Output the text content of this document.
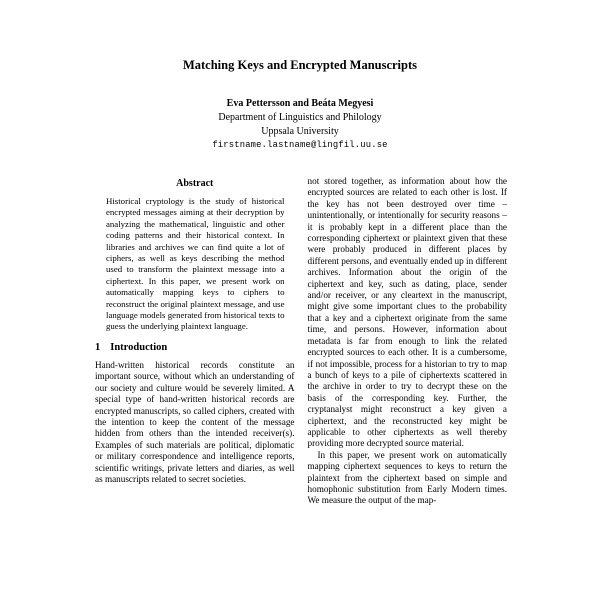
Matching Keys and Encrypted Manuscripts
Eva Pettersson and Beáta Megyesi
Department of Linguistics and Philology
Uppsala University
firstname.lastname@lingfil.uu.se
Abstract

Historical cryptology is the study of historical encrypted messages aiming at their decryption by analyzing the mathematical, linguistic and other coding patterns and their historical context. In libraries and archives we can find quite a lot of ciphers, as well as keys describing the method used to transform the plaintext message into a ciphertext. In this paper, we present work on automatically mapping keys to ciphers to reconstruct the original plaintext message, and use language models generated from historical texts to guess the underlying plaintext language.

1 Introduction

Hand-written historical records constitute an important source, without which an understanding of our society and culture would be severely limited. A special type of hand-written historical records are encrypted manuscripts, so called ciphers, created with the intention to keep the content of the message hidden from others than the intended receiver(s). Examples of such materials are political, diplomatic or military correspondence and intelligence reports, scientific writings, private letters and diaries, as well as manuscripts related to secret societies.

not stored together, as information about how the encrypted sources are related to each other is lost. If the key has not been destroyed over time – unintentionally, or intentionally for security reasons – it is probably kept in a different place than the corresponding ciphertext or plaintext given that these were probably produced in different places by different persons, and eventually ended up in different archives. Information about the origin of the ciphertext and key, such as dating, place, sender and/or receiver, or any cleartext in the manuscript, might give some important clues to the probability that a key and a ciphertext originate from the same time, and persons. However, information about metadata is far from enough to link the related encrypted sources to each other. It is a cumbersome, if not impossible, process for a historian to try to map a bunch of keys to a pile of ciphertexts scattered in the archive in order to try to decrypt these on the basis of the corresponding key. Further, the cryptanalyst might reconstruct a key given a ciphertext, and the reconstructed key might be applicable to other ciphertexts as well thereby providing more decrypted source material.

In this paper, we present work on automatically mapping ciphertext sequences to keys to return the plaintext from the ciphertext based on simple and homophonic substitution from Early Modern times. We measure the output of the map-
